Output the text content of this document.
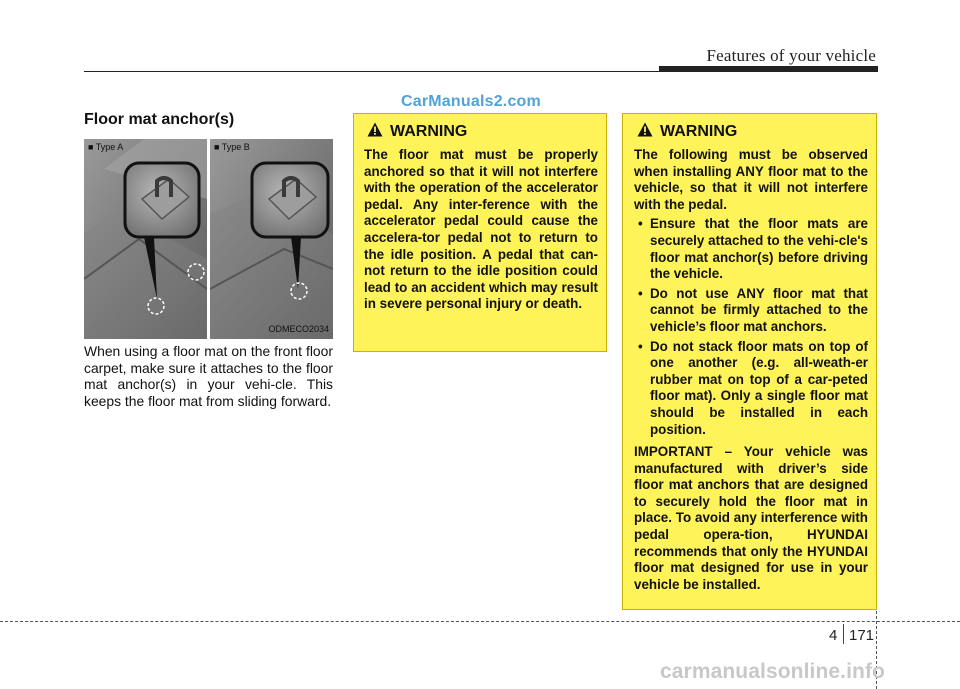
Features of your vehicle
CarManuals2.com
Floor mat anchor(s)
■ Type A	■ Type B
ODMECO2034
When using a floor mat on the front floor carpet, make sure it attaches to the floor mat anchor(s) in your vehi-cle. This keeps the floor mat from sliding forward.
WARNING
The floor mat must be properly anchored so that it will not interfere with the operation of the accelerator pedal. Any inter-ference with the accelerator pedal could cause the accelera-tor pedal not to return to the idle position. A pedal that can-not return to the idle position could lead to an accident which may result in severe personal injury or death.
WARNING
The following must be observed when installing ANY floor mat to the vehicle, so that it will not interfere with the pedal.
• Ensure that the floor mats are securely attached to the vehi-cle's floor mat anchor(s) before driving the vehicle.
• Do not use ANY floor mat that cannot be firmly attached to the vehicle’s floor mat anchors.
• Do not stack floor mats on top of one another (e.g. all-weath-er rubber mat on top of a car-peted floor mat). Only a single floor mat should be installed in each position.
IMPORTANT – Your vehicle was manufactured with driver’s side floor mat anchors that are designed to securely hold the floor mat in place. To avoid any interference with pedal opera-tion, HYUNDAI recommends that only the HYUNDAI floor mat designed for use in your vehicle be installed.
4 171
carmanualsonline.info
